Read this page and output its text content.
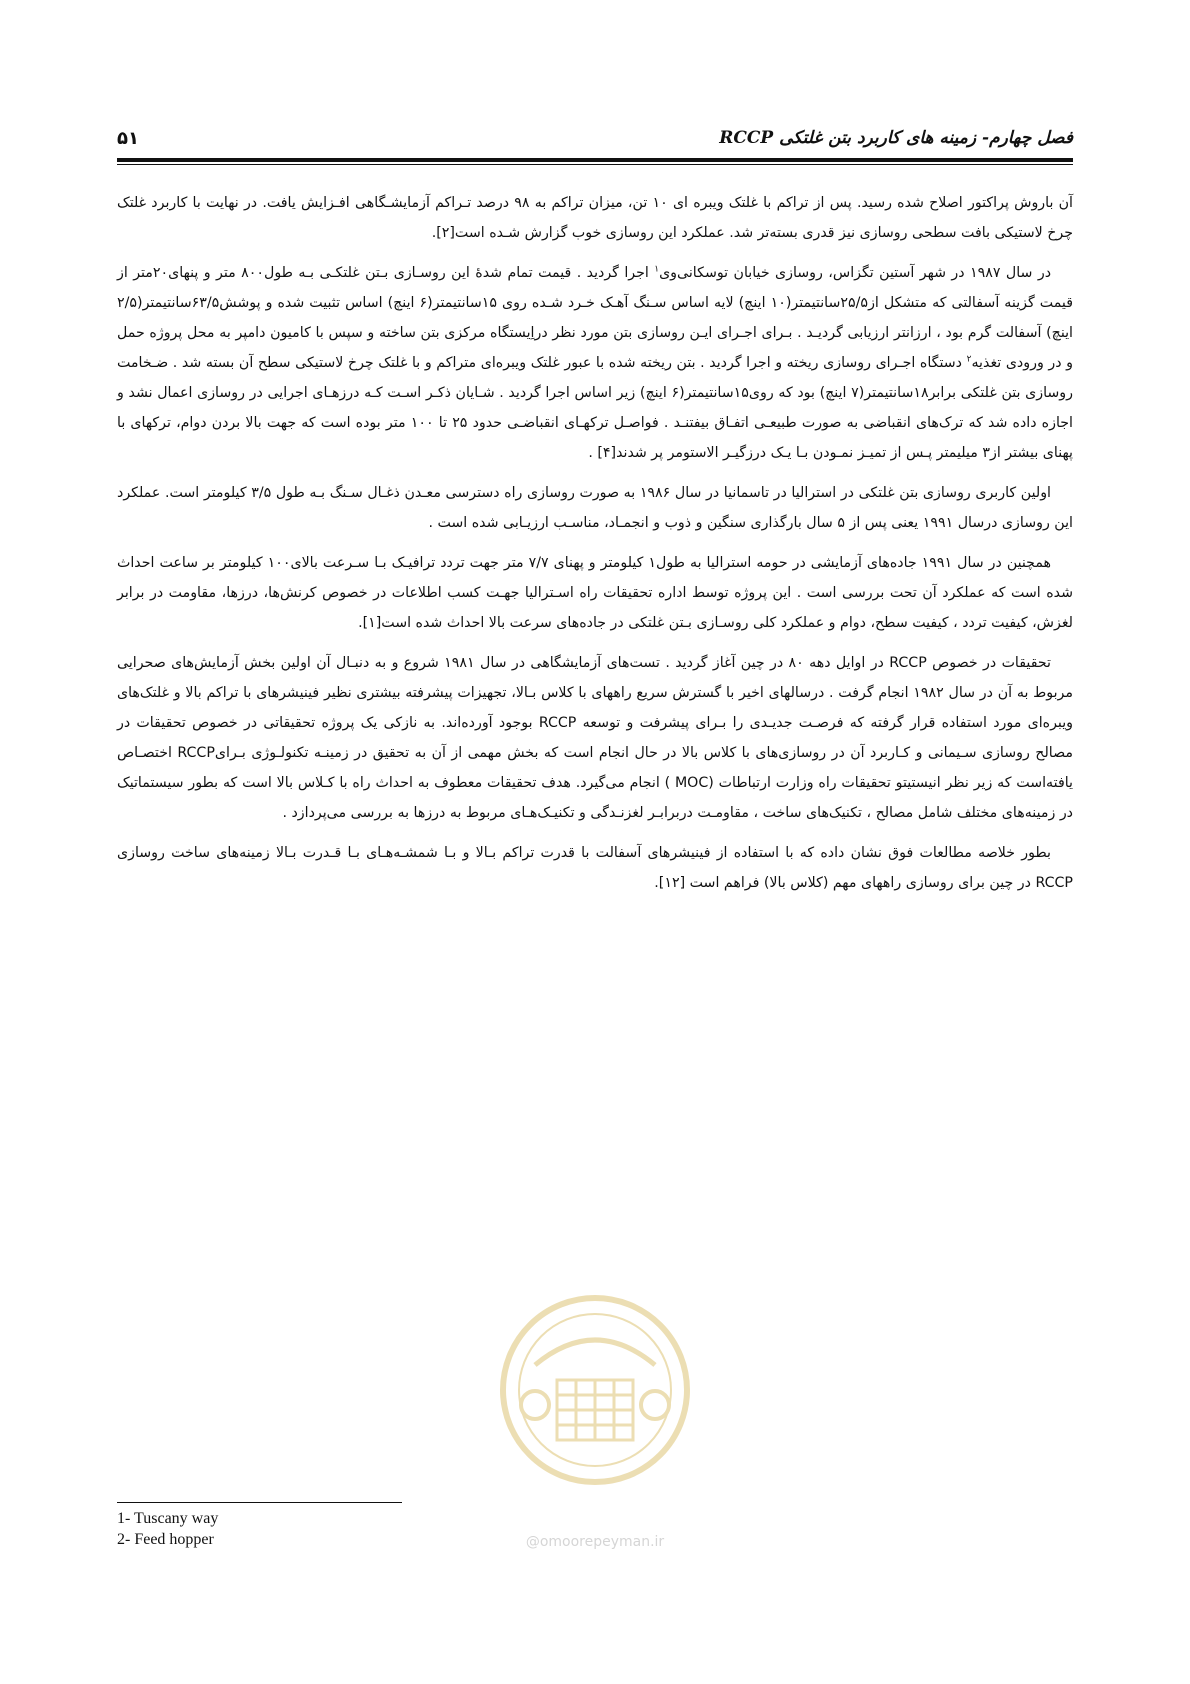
فصل چهارم- زمینه های کاربرد بتن غلتکی RCCP
۵۱

آن باروش پراکتور اصلاح شده رسید. پس از تراکم با غلتک ویبره ای ۱۰ تن، میزان تراکم به ۹۸ درصد تـراکم آزمایشـگاهی افـزایش یافت. در نهایت با کاربرد غلتک چرخ لاستیکی بافت سطحی روسازی نیز قدری بسته‌تر شد. عملکرد این روسازی خوب گزارش شـده است[۲].

در سال ۱۹۸۷ در شهر آستین تگزاس، روسازی خیابان توسکانی‌وی$^۱$ اجرا گردید . قیمت تمام شدۀ این روسـازی بـتن غلتکـی بـه طول۸۰۰ متر و پنهای۲۰متر از قیمت گزینه آسفالتی که متشکل از۲۵/۵سانتیمتر(۱۰ اینچ) لایه اساس سـنگ آهـک خـرد شـده روی ۱۵سانتیمتر(۶ اینچ) اساس تثبیت شده و پوشش۶۳/۵سانتیمتر(۲/۵ اینچ) آسفالت گرم بود ، ارزانتر ارزیابی گردیـد . بـرای اجـرای ایـن روسازی بتن مورد نظر دراِیستگاه مرکزی بتن ساخته و سپس با کامیون دامپر به محل پروژه حمل و در ورودی تغذیه$^۲$ دستگاه اجـرای روسازی ریخته و اجرا گردید . بتن ریخته شده با عبور غلتک ویبره‌ای متراکم و با غلتک چرخ لاستیکی سطح آن بسته شد . ضـخامت روسازی بتن غلتکی برابر۱۸سانتیمتر(۷ اینچ) بود که روی۱۵سانتیمتر(۶ اینچ) زیر اساس اجرا گردید . شـایان ذکـر اسـت کـه درزهـای اجرایی در روسازی اعمال نشد و اجازه داده شد که ترک‌های انقباضی به صورت طبیعـی اتفـاق بیفتنـد . فواصـل ترکهـای انقباضـی حدود ۲۵ تا ۱۰۰ متر بوده است که جهت بالا بردن دوام، ترکهای با پهنای بیشتر از۳ میلیمتر پـس از تمیـز نمـودن بـا یـک درزگیـر الاستومر پر شدند[۴] .

اولین کاربری روسازی بتن غلتکی در استرالیا در تاسمانیا در سال ۱۹۸۶ به صورت روسازی راه دسترسی معـدن ذغـال سـنگ بـه طول ۳/۵ کیلومتر است. عملکرد این روسازی درسال ۱۹۹۱ یعنی پس از ۵ سال بارگذاری سنگین و ذوب و انجمـاد، مناسـب ارزیـابی شده است .

همچنین در سال ۱۹۹۱ جاده‌های آزمایشی در حومه استرالیا به طول۱ کیلومتر و پهنای ۷/۷ متر جهت تردد ترافیـک بـا سـرعت بالای۱۰۰ کیلومتر بر ساعت احداث شده است که عملکرد آن تحت بررسی است . این پروژه توسط اداره تحقیقات راه اسـترالیا جهـت کسب اطلاعات در خصوص کرنش‌ها، درزها، مقاومت در برابر لغزش، کیفیت تردد ، کیفیت سطح، دوام و عملکرد کلی روسـازی بـتن غلتکی در جاده‌های سرعت بالا احداث شده است[۱].

تحقیقات در خصوص RCCP در اوایل دهه ۸۰ در چین آغاز گردید . تست‌های آزمایشگاهی در سال ۱۹۸۱ شروع و به دنبـال آن اولین بخش آزمایش‌های صحرایی مربوط به آن در سال ۱۹۸۲ انجام گرفت . درسالهای اخیر با گسترش سریع راههای با کلاس بـالا، تجهیزات پیشرفته بیشتری نظیر فینیشرهای با تراکم بالا و غلتک‌های ویبره‌ای مورد استفاده قرار گرفته که فرصـت جدیـدی را بـرای پیشرفت و توسعه RCCP بوجود آورده‌اند. به نازکی یک پروژه تحقیقاتی در خصوص تحقیقات در مصالح روسازی سـیمانی و کـاربرد آن در روسازی‌های با کلاس بالا در حال انجام است که بخش مهمی از آن به تحقیق در زمینـه تکنولـوژی بـرایRCCP اختصـاص یافته‌است که زیر نظر انیستیتو تحقیقات راه وزارت ارتباطات (MOC ) انجام می‌گیرد. هدف تحقیقات معطوف به احداث راه با کـلاس بالا است که بطور سیستماتیک در زمینه‌های مختلف شامل مصالح ، تکنیک‌های ساخت ، مقاومـت دربرابـر لغزنـدگی و تکنیـک‌هـای مربوط به درزها به بررسی می‌پردازد .

بطور خلاصه مطالعات فوق نشان داده که با استفاده از فینیشرهای آسفالت با قدرت تراکم بـالا و بـا شمشـه‌هـای بـا قـدرت بـالا زمینه‌های ساخت روسازی RCCP در چین برای روسازی راههای مهم (کلاس بالا) فراهم است [۱۲].

@omoorepeyman.ir
1- Tuscany way
2- Feed hopper
